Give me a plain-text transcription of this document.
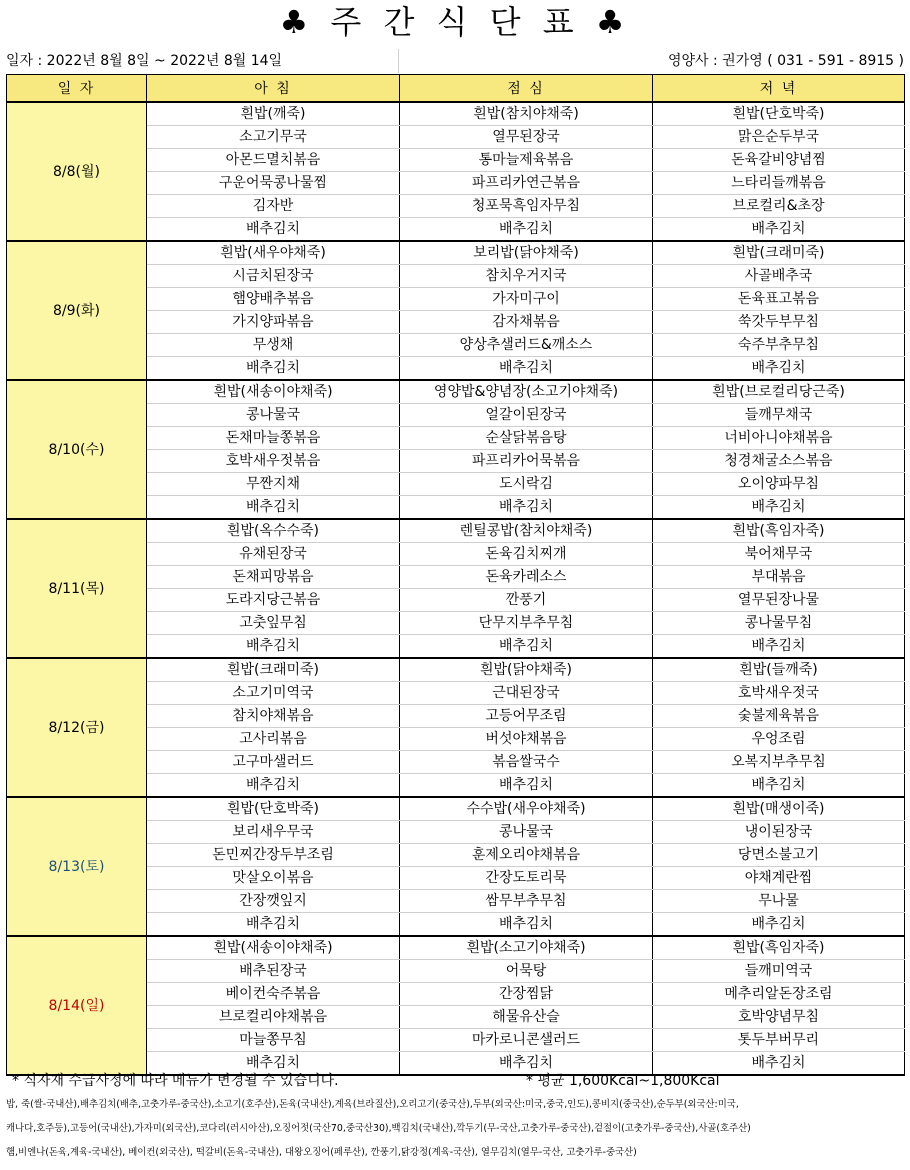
♣ 주 간 식 단 표 ♣
일자 : 2022년 8월 8일 ~ 2022년 8월 14일	영양사 : 권가영 ( 031 - 591 - 8915 )
일 자	아 침	점 심	저 녁
8/8(월)	흰밥(깨죽)	흰밥(참치야채죽)	흰밥(단호박죽)
	소고기무국	열무된장국	맑은순두부국
	아몬드멸치볶음	통마늘제육볶음	돈육갈비양념찜
	구운어묵콩나물찜	파프리카연근볶음	느타리들깨볶음
	김자반	청포묵흑임자무침	브로컬리&초장
	배추김치	배추김치	배추김치
8/9(화)	흰밥(새우야채죽)	보리밥(닭야채죽)	흰밥(크래미죽)
	시금치된장국	참치우거지국	사골배추국
	햄양배추볶음	가자미구이	돈육표고볶음
	가지양파볶음	감자채볶음	쑥갓두부무침
	무생채	양상추샐러드&깨소스	숙주부추무침
	배추김치	배추김치	배추김치
8/10(수)	흰밥(새송이야채죽)	영양밥&양념장(소고기야채죽)	흰밥(브로컬리당근죽)
	콩나물국	얼갈이된장국	들깨무채국
	돈채마늘쫑볶음	순살닭볶음탕	너비아니야채볶음
	호박새우젓볶음	파프리카어묵볶음	청경채굴소스볶음
	무짠지채	도시락김	오이양파무침
	배추김치	배추김치	배추김치
8/11(목)	흰밥(옥수수죽)	렌틸콩밥(참치야채죽)	흰밥(흑임자죽)
	유채된장국	돈육김치찌개	북어채무국
	돈채피망볶음	돈육카레소스	부대볶음
	도라지당근볶음	깐풍기	열무된장나물
	고춧잎무침	단무지부추무침	콩나물무침
	배추김치	배추김치	배추김치
8/12(금)	흰밥(크래미죽)	흰밥(닭야채죽)	흰밥(들깨죽)
	소고기미역국	근대된장국	호박새우젓국
	참치야채볶음	고등어무조림	숯불제육볶음
	고사리볶음	버섯야채볶음	우엉조림
	고구마샐러드	볶음쌀국수	오복지부추무침
	배추김치	배추김치	배추김치
8/13(토)	흰밥(단호박죽)	수수밥(새우야채죽)	흰밥(매생이죽)
	보리새우무국	콩나물국	냉이된장국
	돈민찌간장두부조림	훈제오리야채볶음	당면소불고기
	맛살오이볶음	간장도토리묵	야채계란찜
	간장깻잎지	쌈무부추무침	무나물
	배추김치	배추김치	배추김치
8/14(일)	흰밥(새송이야채죽)	흰밥(소고기야채죽)	흰밥(흑임자죽)
	배추된장국	어묵탕	들깨미역국
	베이컨숙주볶음	간장찜닭	메추리알돈장조림
	브로컬리야채볶음	해물유산슬	호박양념무침
	마늘쫑무침	마카로니콘샐러드	톳두부버무리
	배추김치	배추김치	배추김치
* 식자재 수급사정에 따라 메뉴가 변경될 수 있습니다.	* 평균 1,600Kcal~1,800Kcal
밥, 죽(쌀-국내산),배추김치(배추,고춧가루-중국산),소고기(호주산),돈육(국내산),계육(브라질산),오리고기(중국산),두부(외국산:미국,중국,인도),콩비지(중국산),순두부(외국산:미국,
캐나다,호주등),고등어(국내산),가자미(외국산),코다리(러시아산),오징어젓(국산70,중국산30),백김치(국내산),깍두기(무-국산,고춧가루-중국산),겉절이(고춧가루-중국산),사골(호주산)
햄,비엔나(돈육,계육-국내산), 베이컨(외국산), 떡갈비(돈육-국내산), 대왕오징어(페루산), 깐풍기,닭강정(계육-국산), 열무김치(열무-국산, 고춧가루-중국산)
